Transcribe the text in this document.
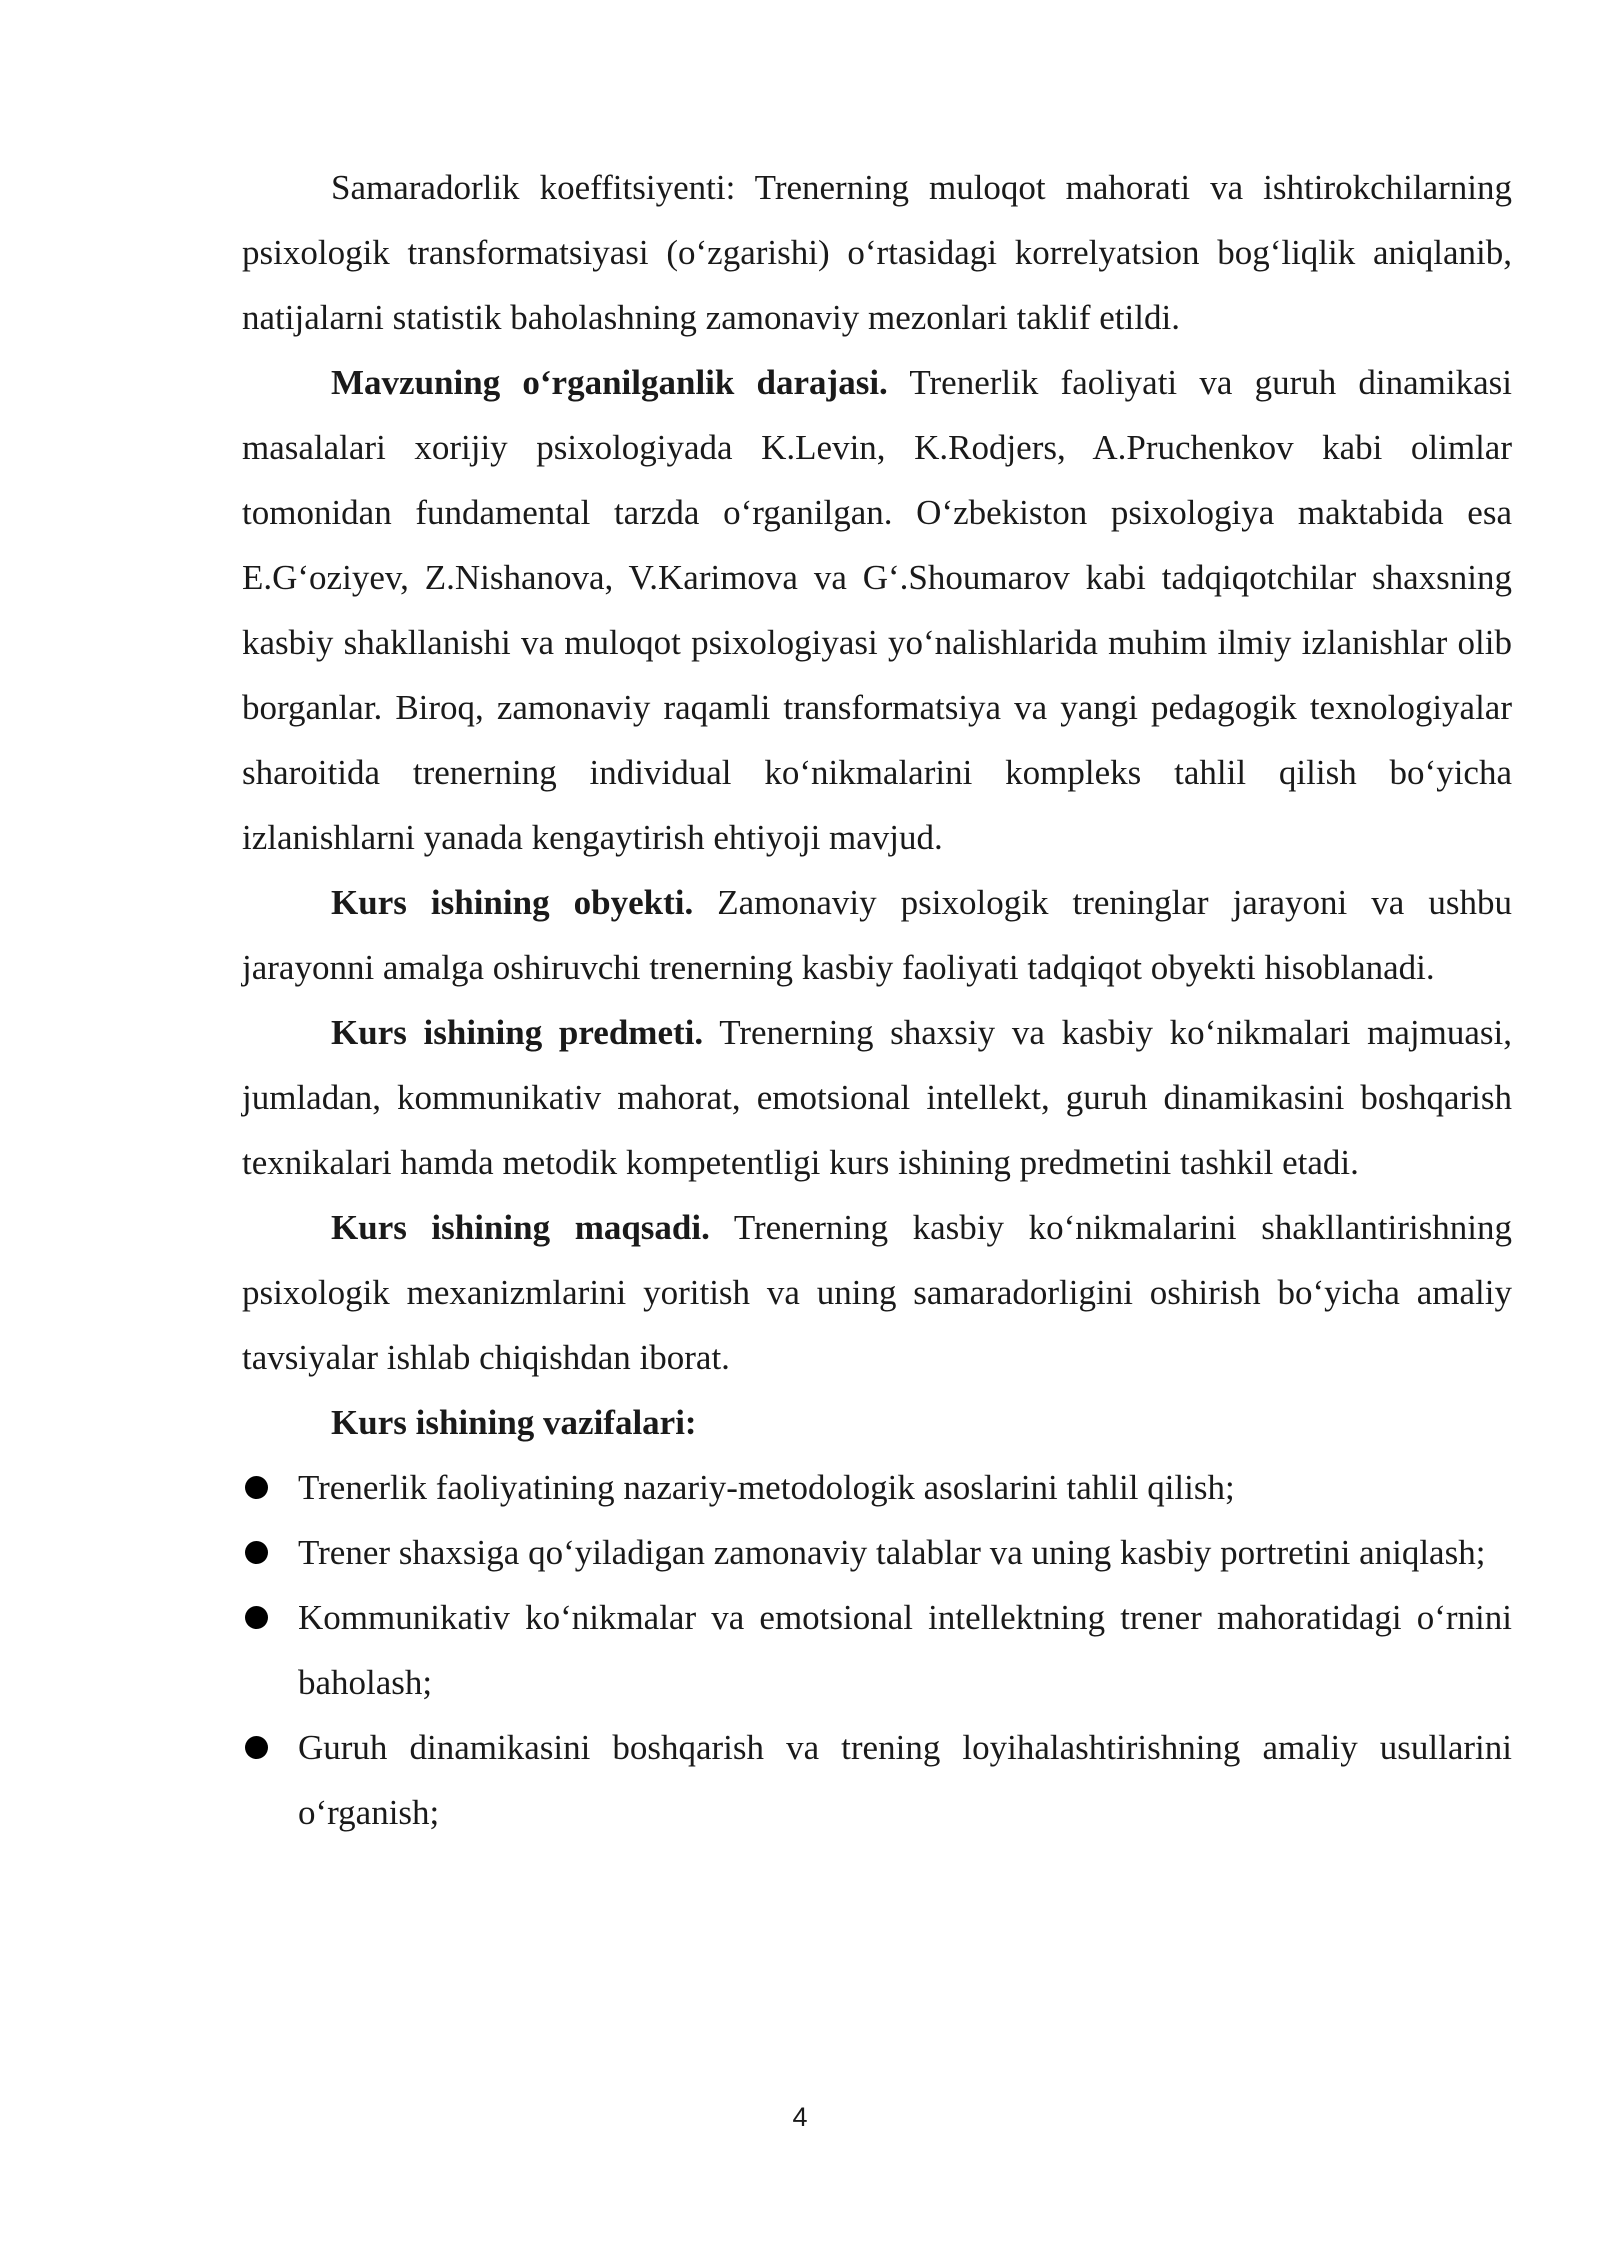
Samaradorlik koeffitsiyenti: Trenerning muloqot mahorati va ishtirokchilarning psixologik transformatsiyasi (o‘zgarishi) o‘rtasidagi korrelyatsion bog‘liqlik aniqlanib, natijalarni statistik baholashning zamonaviy mezonlari taklif etildi.

Mavzuning o‘rganilganlik darajasi. Trenerlik faoliyati va guruh dinamikasi masalalari xorijiy psixologiyada K.Levin, K.Rodjers, A.Pruchenkov kabi olimlar tomonidan fundamental tarzda o‘rganilgan. O‘zbekiston psixologiya maktabida esa E.G‘oziyev, Z.Nishanova, V.Karimova va G‘.Shoumarov kabi tadqiqotchilar shaxsning kasbiy shakllanishi va muloqot psixologiyasi yo‘nalishlarida muhim ilmiy izlanishlar olib borganlar. Biroq, zamonaviy raqamli transformatsiya va yangi pedagogik texnologiyalar sharoitida trenerning individual ko‘nikmalarini kompleks tahlil qilish bo‘yicha izlanishlarni yanada kengaytirish ehtiyoji mavjud.

Kurs ishining obyekti. Zamonaviy psixologik treninglar jarayoni va ushbu jarayonni amalga oshiruvchi trenerning kasbiy faoliyati tadqiqot obyekti hisoblanadi.

Kurs ishining predmeti. Trenerning shaxsiy va kasbiy ko‘nikmalari majmuasi, jumladan, kommunikativ mahorat, emotsional intellekt, guruh dinamikasini boshqarish texnikalari hamda metodik kompetentligi kurs ishining predmetini tashkil etadi.

Kurs ishining maqsadi. Trenerning kasbiy ko‘nikmalarini shakllantirishning psixologik mexanizmlarini yoritish va uning samaradorligini oshirish bo‘yicha amaliy tavsiyalar ishlab chiqishdan iborat.

Kurs ishining vazifalari:

Trenerlik faoliyatining nazariy-metodologik asoslarini tahlil qilish;
Trener shaxsiga qo‘yiladigan zamonaviy talablar va uning kasbiy portretini aniqlash;
Kommunikativ ko‘nikmalar va emotsional intellektning trener mahoratidagi o‘rnini baholash;
Guruh dinamikasini boshqarish va trening loyihalashtirishning amaliy usullarini o‘rganish;
4
